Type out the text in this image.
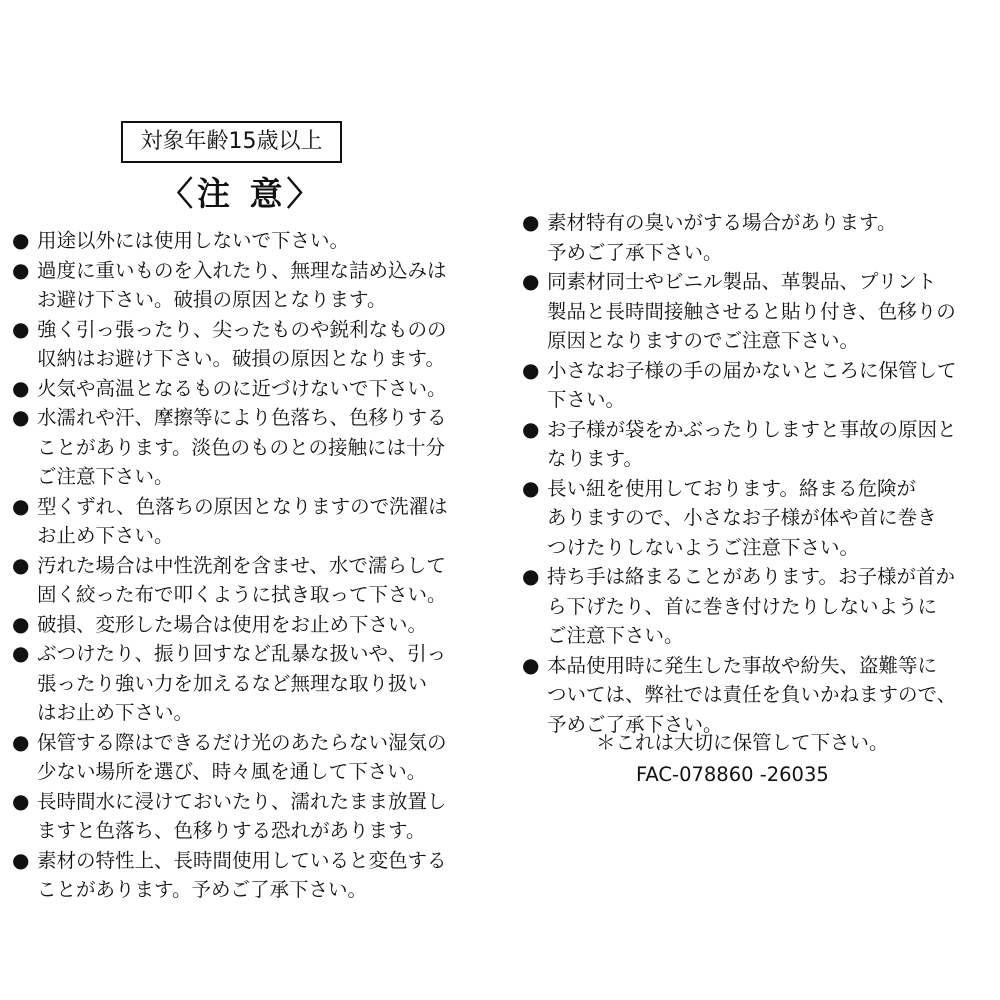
対象年齢15歳以上
〈注 意〉
● 用途以外には使用しないで下さい。
● 過度に重いものを入れたり、無理な詰め込みは
お避け下さい。破損の原因となります。
● 強く引っ張ったり、尖ったものや鋭利なものの
収納はお避け下さい。破損の原因となります。
● 火気や高温となるものに近づけないで下さい。
● 水濡れや汗、摩擦等により色落ち、色移りする
ことがあります。淡色のものとの接触には十分
ご注意下さい。
● 型くずれ、色落ちの原因となりますので洗濯は
お止め下さい。
● 汚れた場合は中性洗剤を含ませ、水で濡らして
固く絞った布で叩くように拭き取って下さい。
● 破損、変形した場合は使用をお止め下さい。
● ぶつけたり、振り回すなど乱暴な扱いや、引っ
張ったり強い力を加えるなど無理な取り扱い
はお止め下さい。
● 保管する際はできるだけ光のあたらない湿気の
少ない場所を選び、時々風を通して下さい。
● 長時間水に浸けておいたり、濡れたまま放置し
ますと色落ち、色移りする恐れがあります。
● 素材の特性上、長時間使用していると変色する
ことがあります。予めご了承下さい。
● 素材特有の臭いがする場合があります。
予めご了承下さい。
● 同素材同士やビニル製品、革製品、プリント
製品と長時間接触させると貼り付き、色移りの
原因となりますのでご注意下さい。
● 小さなお子様の手の届かないところに保管して
下さい。
● お子様が袋をかぶったりしますと事故の原因と
なります。
● 長い紐を使用しております。絡まる危険が
ありますので、小さなお子様が体や首に巻き
つけたりしないようご注意下さい。
● 持ち手は絡まることがあります。お子様が首か
ら下げたり、首に巻き付けたりしないように
ご注意下さい。
● 本品使用時に発生した事故や紛失、盗難等に
ついては、弊社では責任を負いかねますので、
予めご了承下さい。
＊これは大切に保管して下さい。
FAC-078860 -26035
